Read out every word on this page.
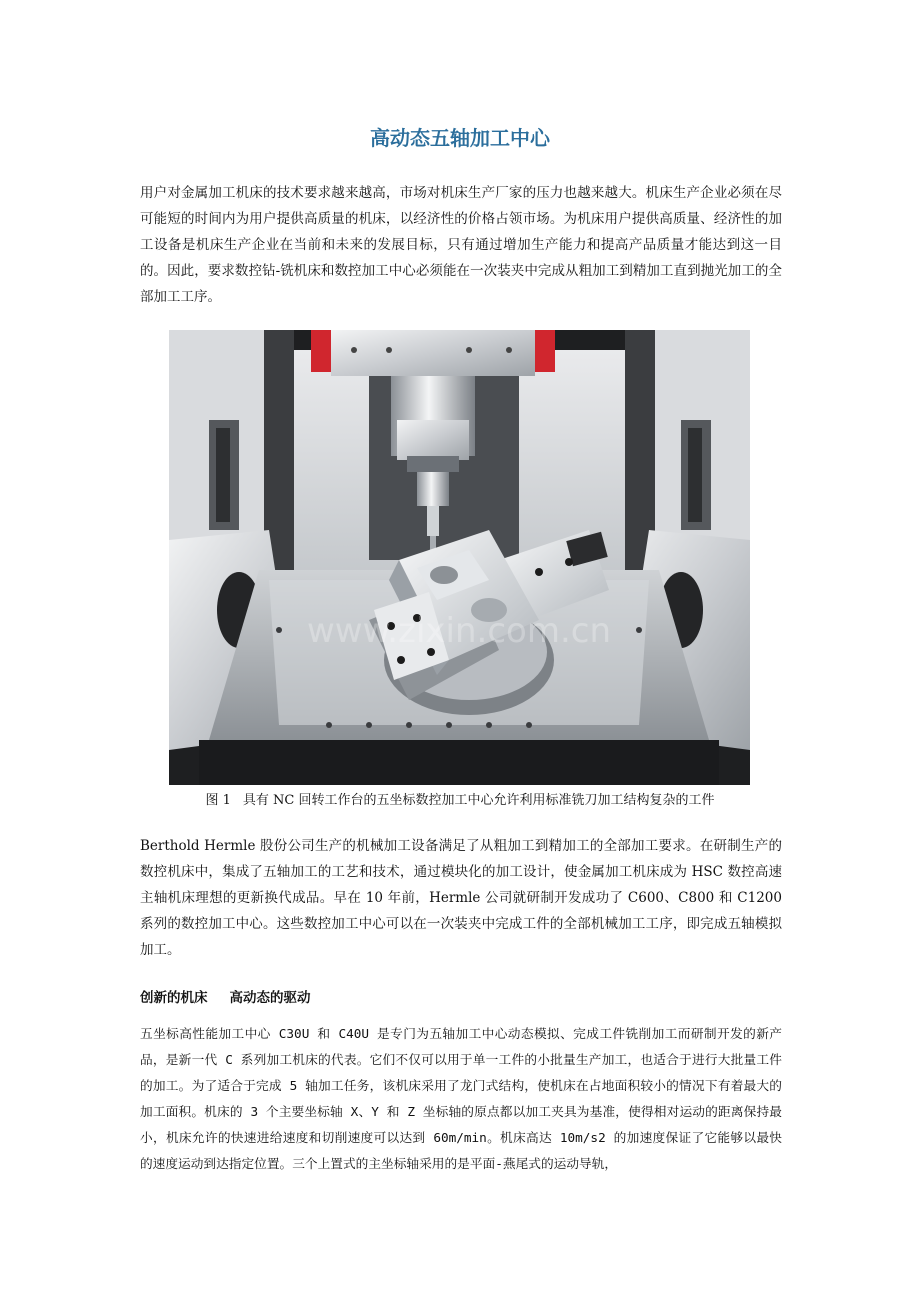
高动态五轴加工中心
用户对金属加工机床的技术要求越来越高，市场对机床生产厂家的压力也越来越大。机床生产企业必须在尽可能短的时间内为用户提供高质量的机床，以经济性的价格占领市场。为机床用户提供高质量、经济性的加工设备是机床生产企业在当前和未来的发展目标，只有通过增加生产能力和提高产品质量才能达到这一目的。因此，要求数控钻-铣机床和数控加工中心必须能在一次装夹中完成从粗加工到精加工直到抛光加工的全部加工工序。
www.zixin.com.cn
图 1 具有 NC 回转工作台的五坐标数控加工中心允许利用标准铣刀加工结构复杂的工件
Berthold Hermle 股份公司生产的机械加工设备满足了从粗加工到精加工的全部加工要求。在研制生产的数控机床中，集成了五轴加工的工艺和技术，通过模块化的加工设计，使金属加工机床成为 HSC 数控高速主轴机床理想的更新换代成品。早在 10 年前，Hermle 公司就研制开发成功了 C600、C800 和 C1200 系列的数控加工中心。这些数控加工中心可以在一次装夹中完成工件的全部机械加工工序，即完成五轴模拟加工。
创新的机床 高动态的驱动
五坐标高性能加工中心 C30U 和 C40U 是专门为五轴加工中心动态模拟、完成工件铣削加工而研制开发的新产品，是新一代 C 系列加工机床的代表。它们不仅可以用于单一工件的小批量生产加工，也适合于进行大批量工件的加工。为了适合于完成 5 轴加工任务，该机床采用了龙门式结构，使机床在占地面积较小的情况下有着最大的加工面积。机床的 3 个主要坐标轴 X、Y 和 Z 坐标轴的原点都以加工夹具为基准，使得相对运动的距离保持最小，机床允许的快速进给速度和切削速度可以达到 60m/min。机床高达 10m/s2 的加速度保证了它能够以最快的速度运动到达指定位置。三个上置式的主坐标轴采用的是平面-燕尾式的运动导轨，
